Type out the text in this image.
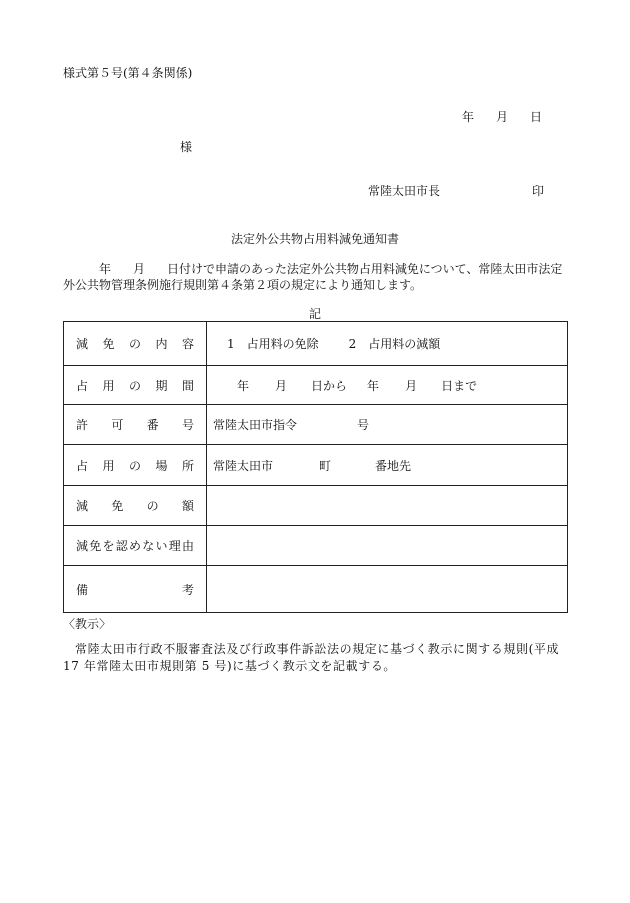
様式第５号(第４条関係)
年 月 日
様
常陸太田市長	印
法定外公共物占用料減免通知書
年 月 日付けで申請のあった法定外公共物占用料減免について、常陸太田市法定外公共物管理条例施行規則第４条第２項の規定により通知します。
記
減 免 の 内 容	1　占用料の免除 2　占用料の減額
占 用 の 期 間	年 月 日から 年 月 日まで
許　可　番　号	常陸太田市指令 号
占 用 の 場 所	常陸太田市 町 番地先
減　免　の　額	
減免を認めない理由	
備　　　　　考	
〈教示〉
常陸太田市行政不服審査法及び行政事件訴訟法の規定に基づく教示に関する規則(平成 17 年常陸太田市規則第 5 号)に基づく教示文を記載する。
